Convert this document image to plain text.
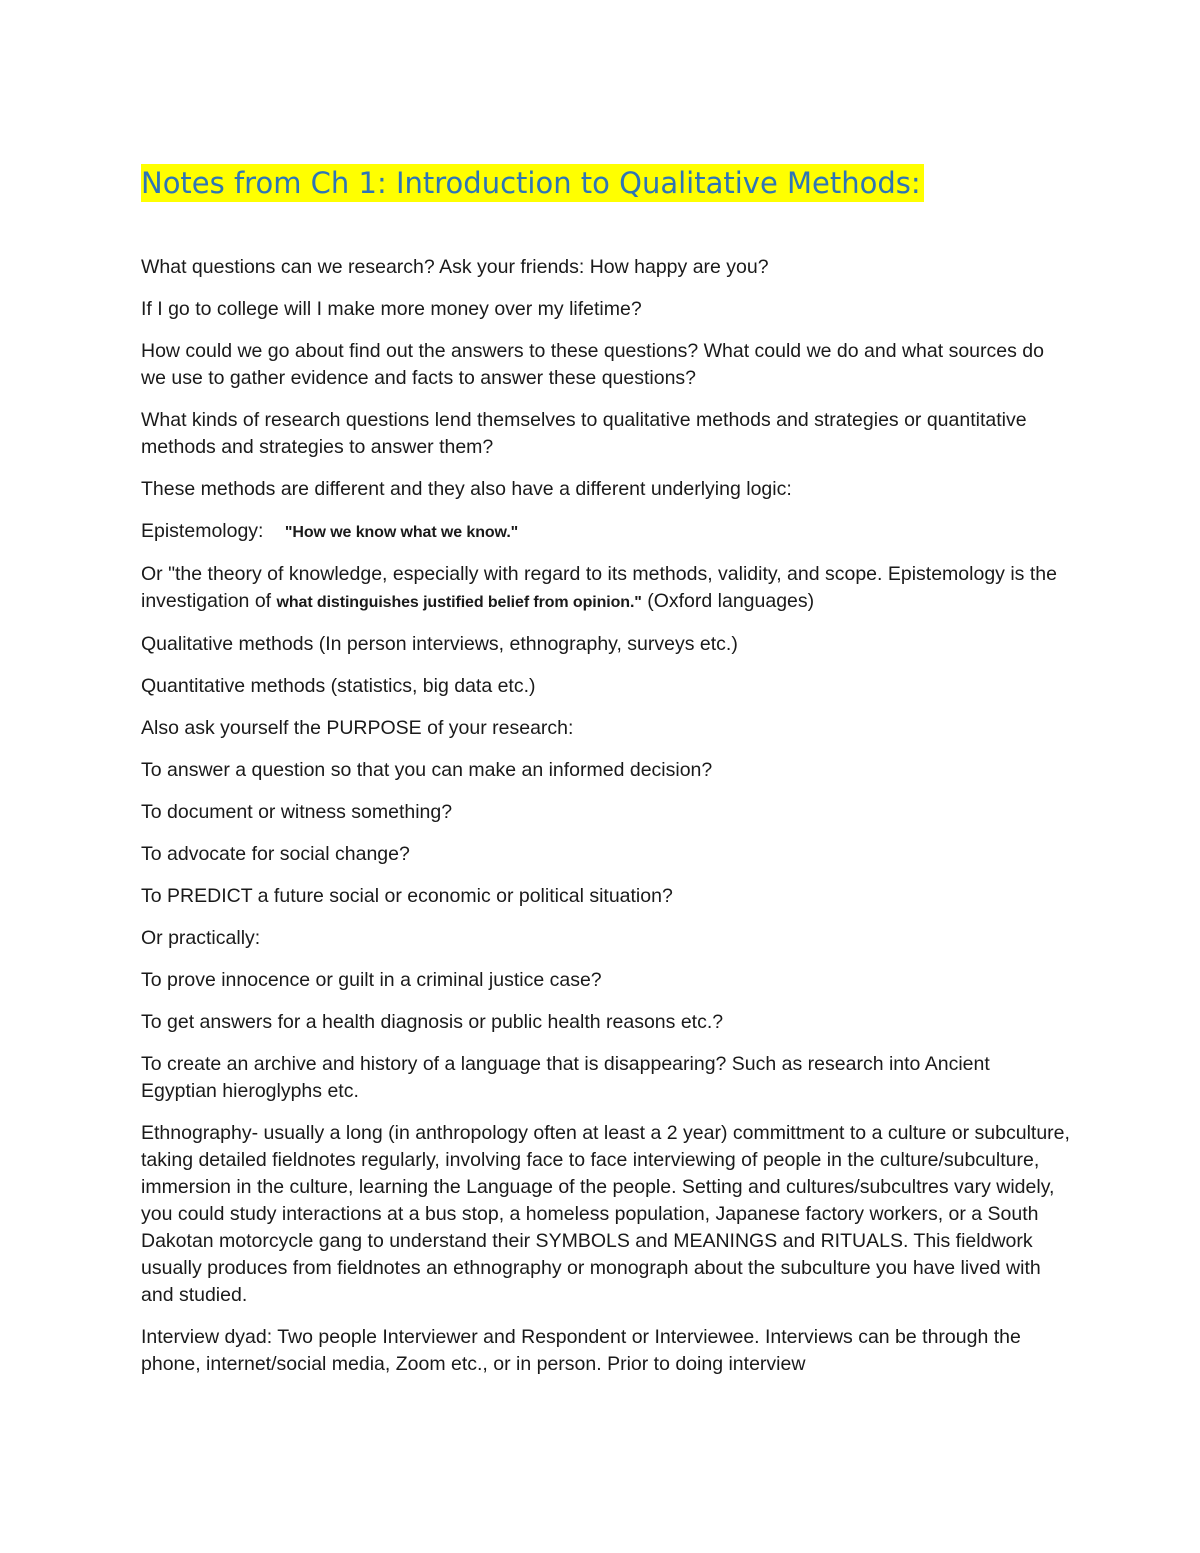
Notes from Ch 1: Introduction to Qualitative Methods:

What questions can we research? Ask your friends: How happy are you?

If I go to college will I make more money over my lifetime?

How could we go about find out the answers to these questions? What could we do and what sources do we use to gather evidence and facts to answer these questions?

What kinds of research questions lend themselves to qualitative methods and strategies or quantitative methods and strategies to answer them?

These methods are different and they also have a different underlying logic:

Epistemology: "How we know what we know."

Or "the theory of knowledge, especially with regard to its methods, validity, and scope. Epistemology is the investigation of what distinguishes justified belief from opinion." (Oxford languages)

Qualitative methods (In person interviews, ethnography, surveys etc.)

Quantitative methods (statistics, big data etc.)

Also ask yourself the PURPOSE of your research:

To answer a question so that you can make an informed decision?

To document or witness something?

To advocate for social change?

To PREDICT a future social or economic or political situation?

Or practically:

To prove innocence or guilt in a criminal justice case?

To get answers for a health diagnosis or public health reasons etc.?

To create an archive and history of a language that is disappearing? Such as research into Ancient Egyptian hieroglyphs etc.

Ethnography- usually a long (in anthropology often at least a 2 year) committment to a culture or subculture, taking detailed fieldnotes regularly, involving face to face interviewing of people in the culture/subculture, immersion in the culture, learning the Language of the people. Setting and cultures/subcultres vary widely, you could study interactions at a bus stop, a homeless population, Japanese factory workers, or a South Dakotan motorcycle gang to understand their SYMBOLS and MEANINGS and RITUALS. This fieldwork usually produces from fieldnotes an ethnography or monograph about the subculture you have lived with and studied.

Interview dyad: Two people Interviewer and Respondent or Interviewee. Interviews can be through the phone, internet/social media, Zoom etc., or in person. Prior to doing interview
